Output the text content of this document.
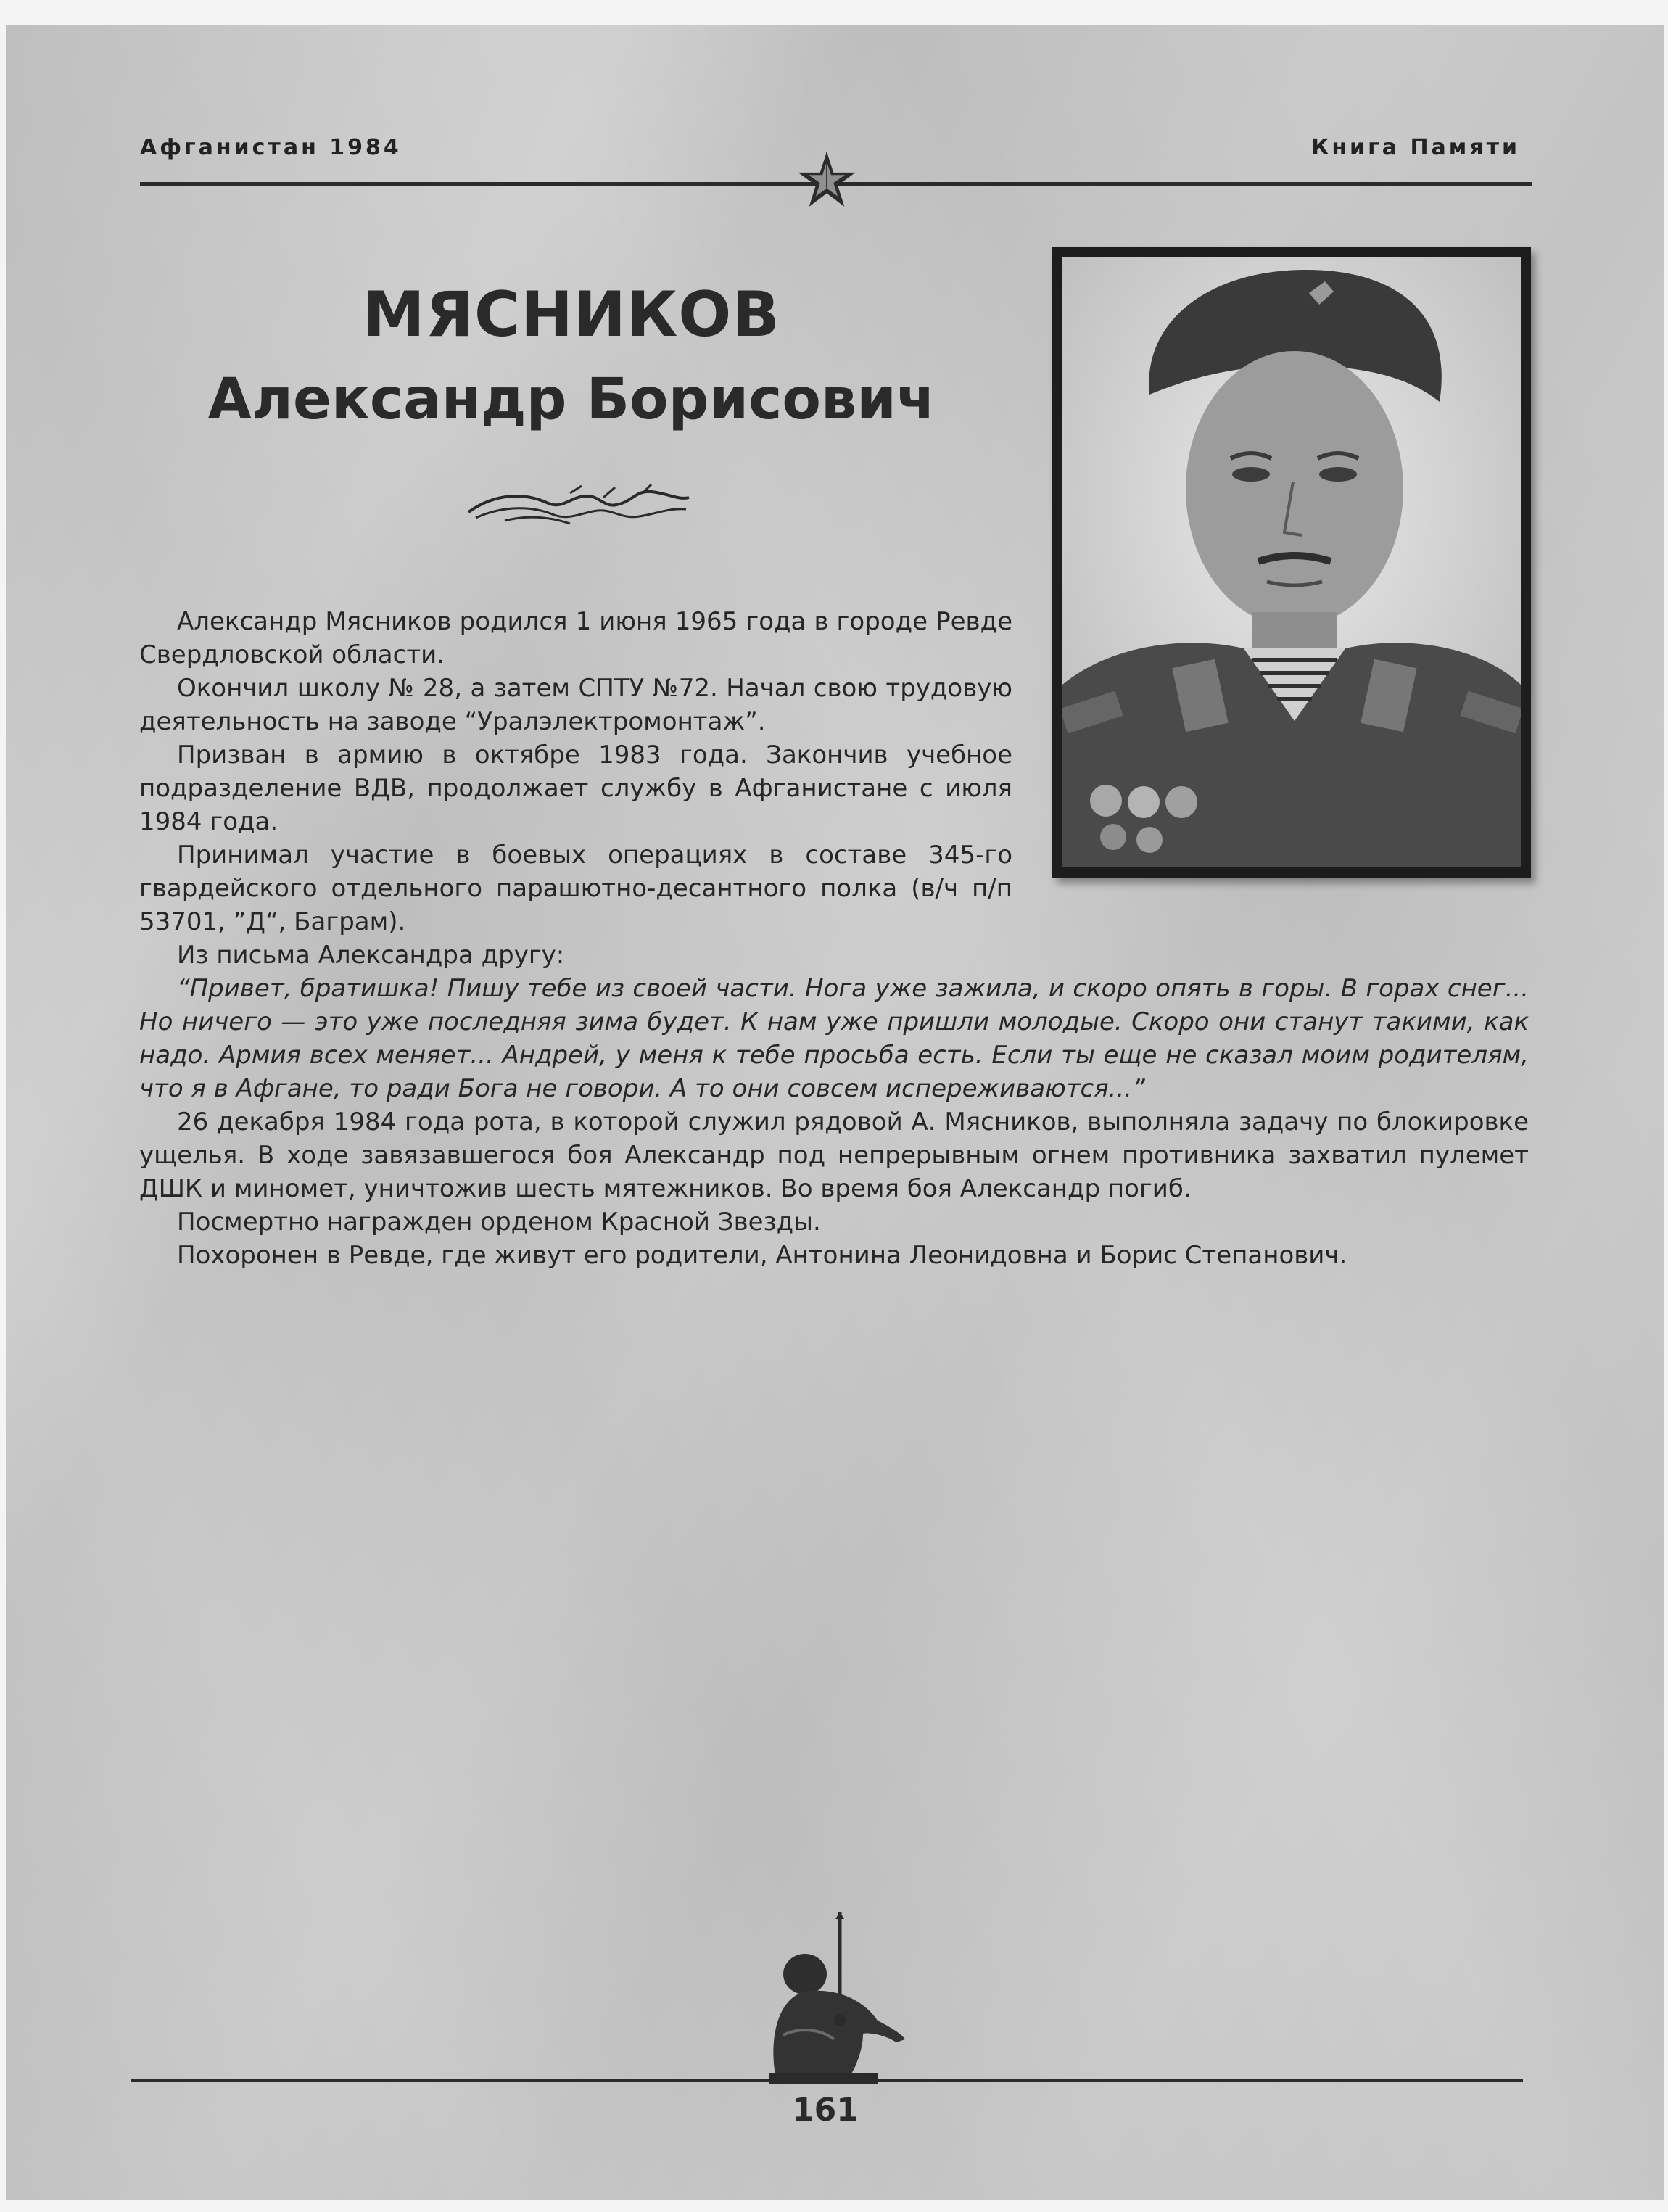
Афганистан 1984	Книга Памяти
МЯСНИКОВ
Александр Борисович

Александр Мясников родился 1 июня 1965 года в городе Ревде Свердловской области.

Окончил школу № 28, а затем СПТУ №72. Начал свою трудовую деятельность на заводе “Уралэлектромонтаж”.

Призван в армию в октябре 1983 года. Закончив учебное подразделение ВДВ, продолжает службу в Афганистане с июля 1984 года.

Принимал участие в боевых операциях в составе 345-го гвардейского отдельного парашютно-десантного полка (в/ч п/п 53701, ”Д“, Баграм).

Из письма Александра другу:

“Привет, братишка! Пишу тебе из своей части. Нога уже зажила, и скоро опять в горы. В горах снег... Но ничего — это уже последняя зима будет. К нам уже пришли молодые. Скоро они станут такими, как надо. Армия всех меняет... Андрей, у меня к тебе просьба есть. Если ты еще не сказал моим родителям, что я в Афгане, то ради Бога не говори. А то они совсем испереживаются...”

26 декабря 1984 года рота, в которой служил рядовой А. Мясников, выполняла задачу по блокировке ущелья. В ходе завязавшегося боя Александр под непрерывным огнем противника захватил пулемет ДШК и миномет, уничтожив шесть мятежников. Во время боя Александр погиб.

Посмертно награжден орденом Красной Звезды.

Похоронен в Ревде, где живут его родители, Антонина Леонидовна и Борис Степанович.

161
